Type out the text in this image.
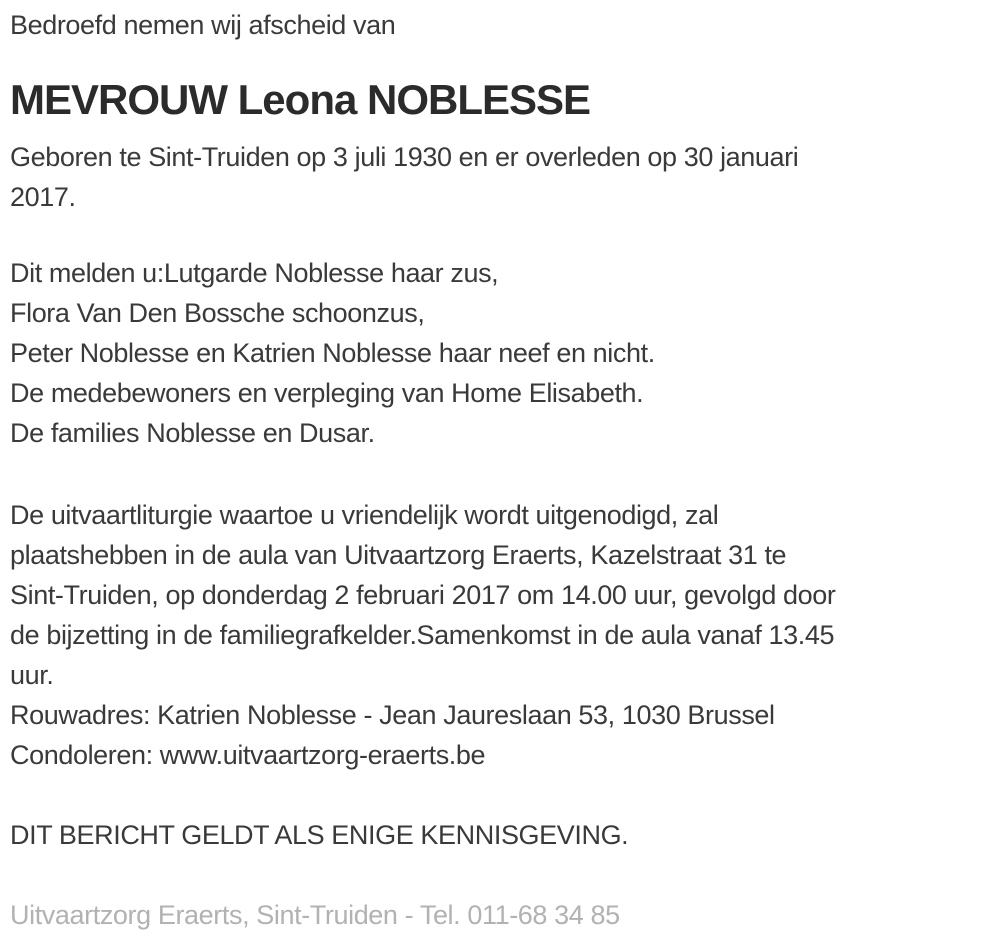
Bedroefd nemen wij afscheid van
MEVROUW Leona NOBLESSE
Geboren te Sint-Truiden op 3 juli 1930 en er overleden op 30 januari
2017.
Dit melden u:Lutgarde Noblesse haar zus,
Flora Van Den Bossche schoonzus,
Peter Noblesse en Katrien Noblesse haar neef en nicht.
De medebewoners en verpleging van Home Elisabeth.
De families Noblesse en Dusar.
De uitvaartliturgie waartoe u vriendelijk wordt uitgenodigd, zal
plaatshebben in de aula van Uitvaartzorg Eraerts, Kazelstraat 31 te
Sint-Truiden, op donderdag 2 februari 2017 om 14.00 uur, gevolgd door
de bijzetting in de familiegrafkelder.Samenkomst in de aula vanaf 13.45
uur.
Rouwadres: Katrien Noblesse - Jean Jaureslaan 53, 1030 Brussel
Condoleren: www.uitvaartzorg-eraerts.be
DIT BERICHT GELDT ALS ENIGE KENNISGEVING.
Uitvaartzorg Eraerts, Sint-Truiden - Tel. 011-68 34 85
